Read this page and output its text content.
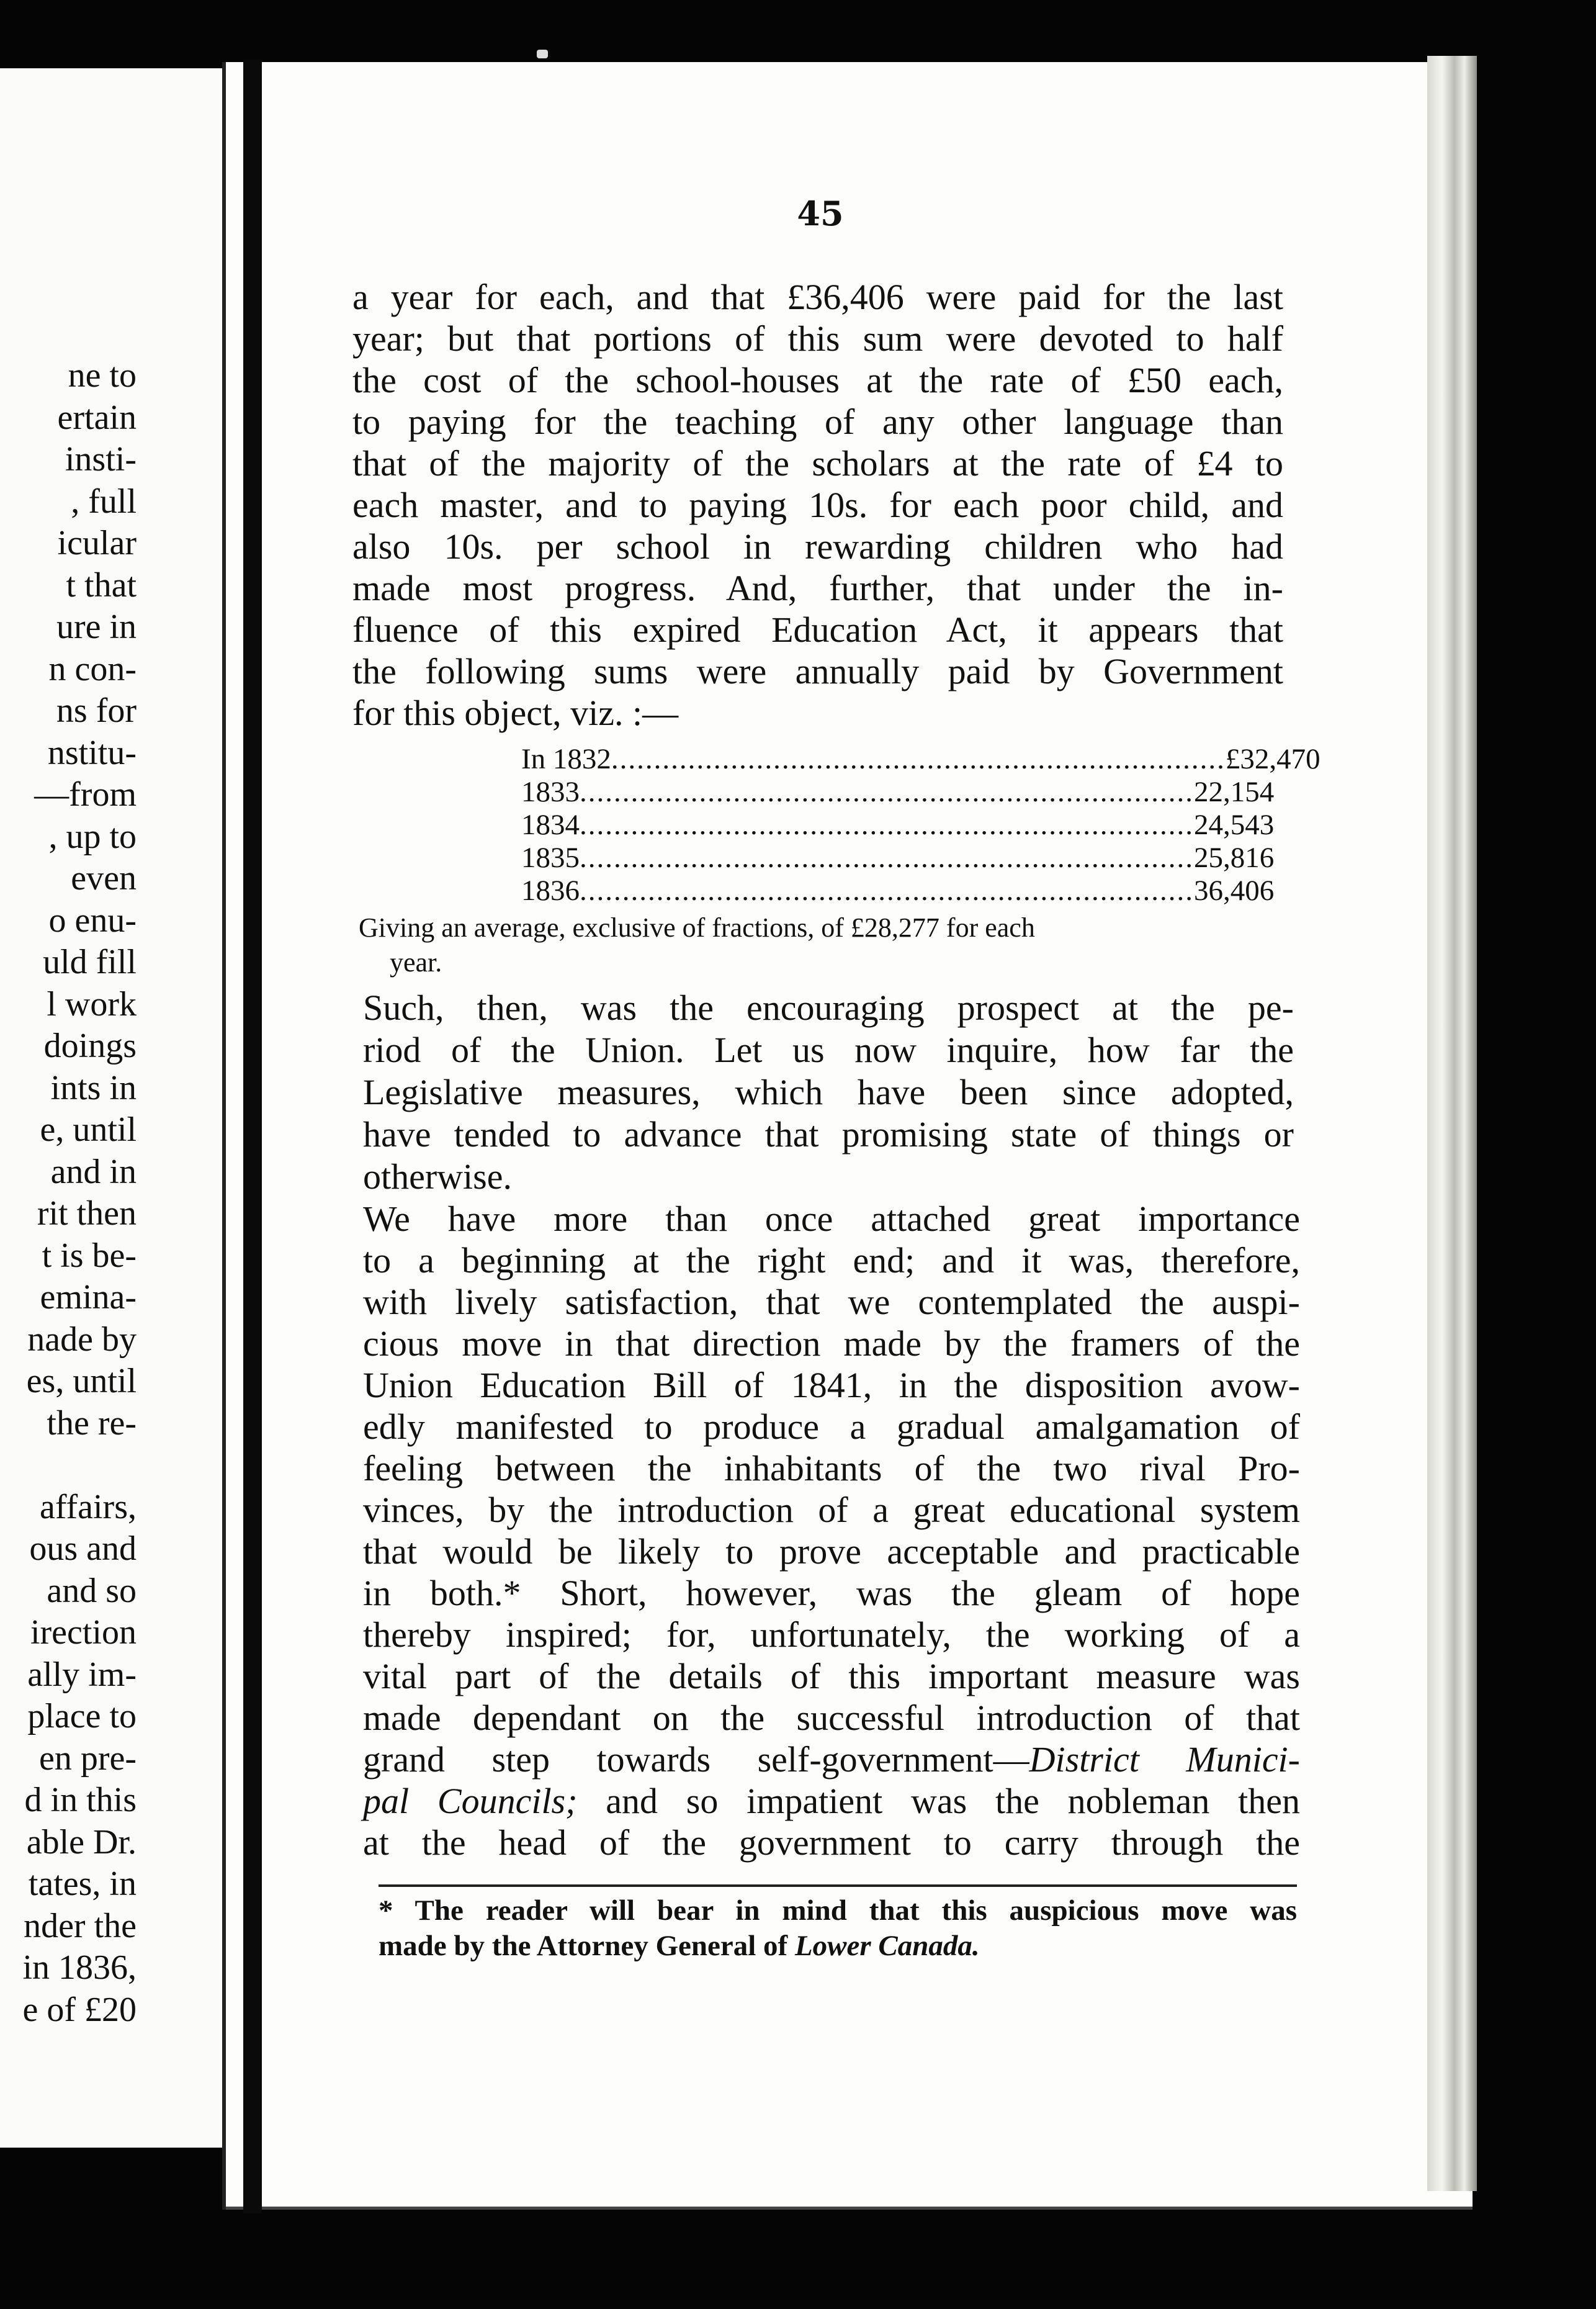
ne to
ertain
insti-
, full
icular
t that
ure in
n con-
ns for
nstitu-
—from
, up to
even
o enu-
uld fill
l work
doings
ints in
e, until
and in
rit then
t is be-
emina-
nade by
es, until
the re-
affairs,
ous and
and so
irection
ally im-
place to
en pre-
d in this
able Dr.
tates, in
nder the
in 1836,
e of £20
45
a year for each, and that £36,406 were paid for the last
year; but that portions of this sum were devoted to half
the cost of the school-houses at the rate of £50 each,
to paying for the teaching of any other language than
that of the majority of the scholars at the rate of £4 to
each master, and to paying 10s. for each poor child, and
also 10s. per school in rewarding children who had
made most progress. And, further, that under the in-
fluence of this expired Education Act, it appears that
the following sums were annually paid by Government
for this object, viz. :—
In 1832 ........................................................................ £32,470
1833 ........................................................................ 22,154
1834 ........................................................................ 24,543
1835 ........................................................................ 25,816
1836 ........................................................................ 36,406
Giving an average, exclusive of fractions, of £28,277 for each
year.
Such, then, was the encouraging prospect at the pe-
riod of the Union. Let us now inquire, how far the
Legislative measures, which have been since adopted,
have tended to advance that promising state of things or
otherwise.
We have more than once attached great importance
to a beginning at the right end; and it was, therefore,
with lively satisfaction, that we contemplated the auspi-
cious move in that direction made by the framers of the
Union Education Bill of 1841, in the disposition avow-
edly manifested to produce a gradual amalgamation of
feeling between the inhabitants of the two rival Pro-
vinces, by the introduction of a great educational system
that would be likely to prove acceptable and practicable
in both.* Short, however, was the gleam of hope
thereby inspired; for, unfortunately, the working of a
vital part of the details of this important measure was
made dependant on the successful introduction of that
grand step towards self-government—District Munici-
pal Councils; and so impatient was the nobleman then
at the head of the government to carry through the
* The reader will bear in mind that this auspicious move was
made by the Attorney General of Lower Canada.
